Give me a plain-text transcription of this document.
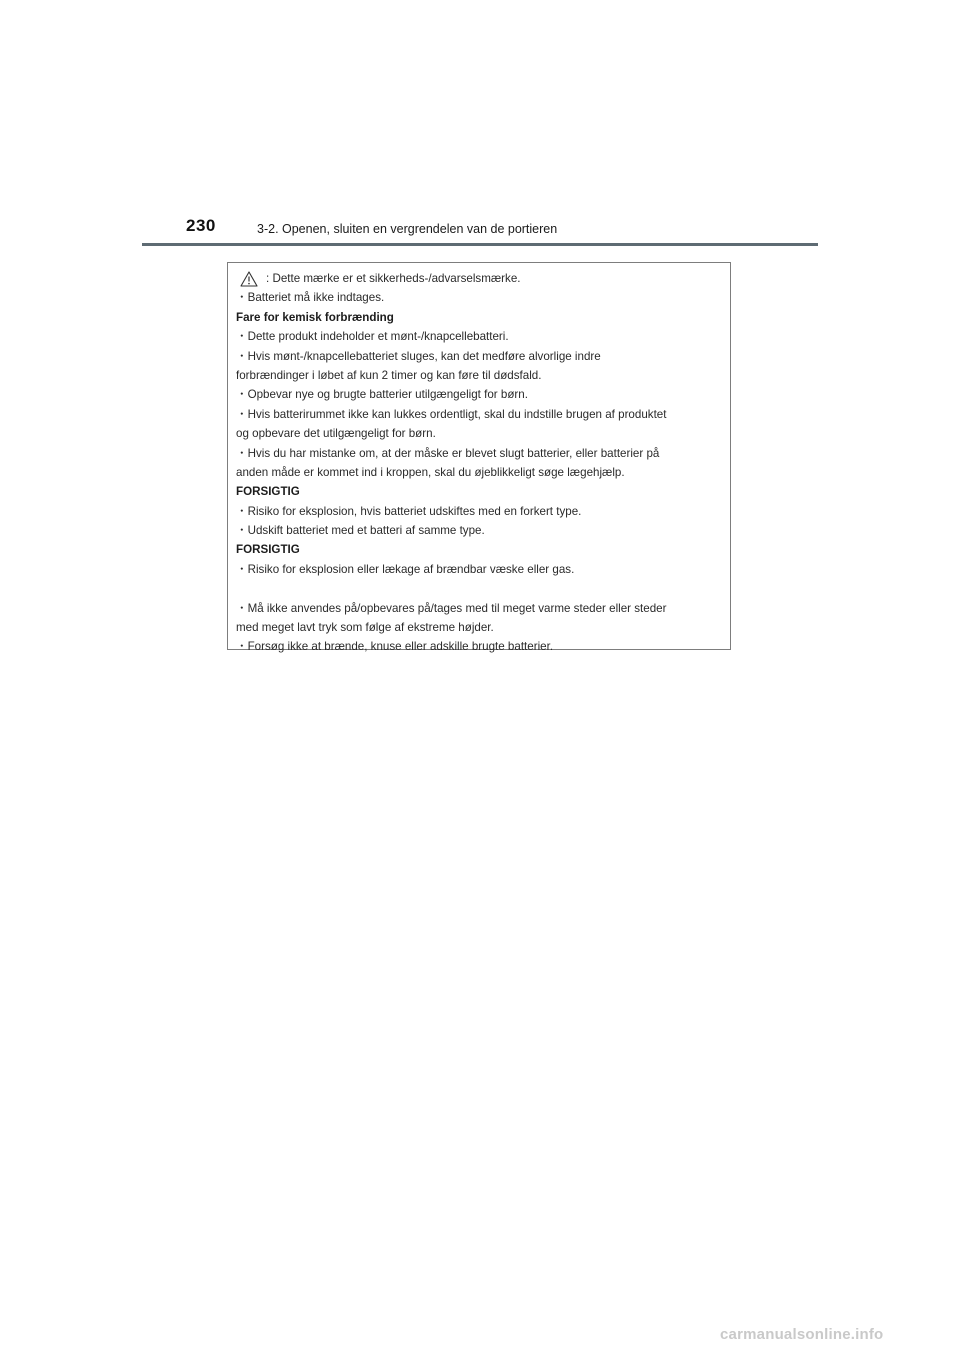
230	3-2. Openen, sluiten en vergrendelen van de portieren
: Dette mærke er et sikkerheds-/advarselsmærke.
・Batteriet må ikke indtages.
Fare for kemisk forbrænding
・Dette produkt indeholder et mønt-/knapcellebatteri.
・Hvis mønt-/knapcellebatteriet sluges, kan det medføre alvorlige indre
forbrændinger i løbet af kun 2 timer og kan føre til dødsfald.
・Opbevar nye og brugte batterier utilgængeligt for børn.
・Hvis batterirummet ikke kan lukkes ordentligt, skal du indstille brugen af produktet
og opbevare det utilgængeligt for børn.
・Hvis du har mistanke om, at der måske er blevet slugt batterier, eller batterier på
anden måde er kommet ind i kroppen, skal du øjeblikkeligt søge lægehjælp.
FORSIGTIG
・Risiko for eksplosion, hvis batteriet udskiftes med en forkert type.
・Udskift batteriet med et batteri af samme type.
FORSIGTIG
・Risiko for eksplosion eller lækage af brændbar væske eller gas.
・Må ikke anvendes på/opbevares på/tages med til meget varme steder eller steder
med meget lavt tryk som følge af ekstreme højder.
・Forsøg ikke at brænde, knuse eller adskille brugte batterier.
carmanualsonline.info
